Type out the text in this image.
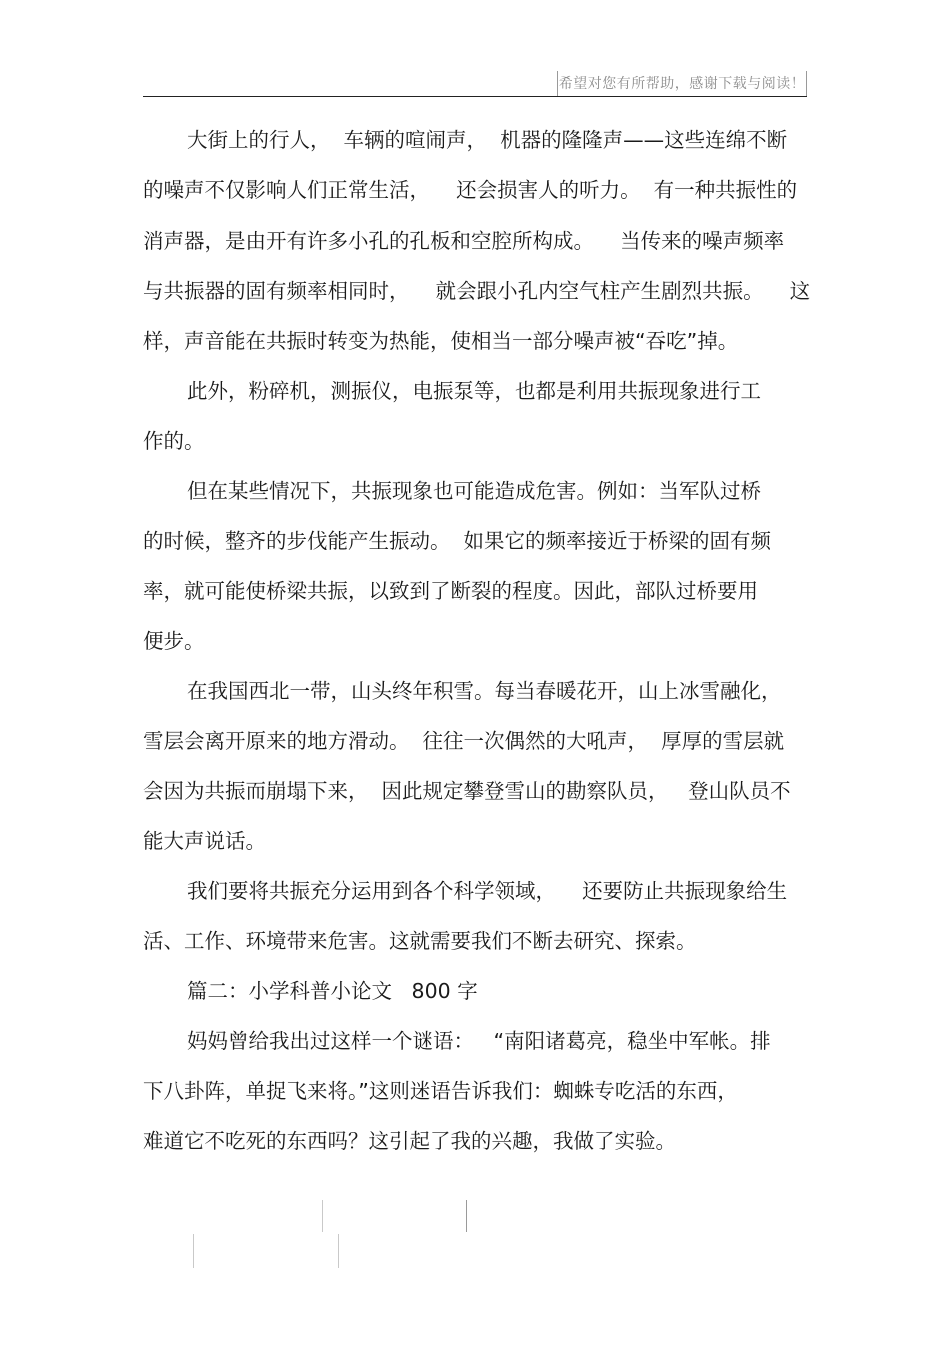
希望对您有所帮助，感谢下载与阅读！
大街上的行人，  车辆的喧闹声，  机器的隆隆声——这些连绵不断
的噪声不仅影响人们正常生活，    还会损害人的听力。  有一种共振性的
消声器，是由开有许多小孔的孔板和空腔所构成。    当传来的噪声频率
与共振器的固有频率相同时，    就会跟小孔内空气柱产生剧烈共振。    这
样，声音能在共振时转变为热能，使相当一部分噪声被“吞吃”掉。
此外，粉碎机，测振仪，电振泵等，也都是利用共振现象进行工
作的。
但在某些情况下，共振现象也可能造成危害。例如：当军队过桥
的时候，整齐的步伐能产生振动。  如果它的频率接近于桥梁的固有频
率，就可能使桥梁共振，以致到了断裂的程度。因此，部队过桥要用
便步。
在我国西北一带，山头终年积雪。每当春暖花开，山上冰雪融化，
雪层会离开原来的地方滑动。  往往一次偶然的大吼声，  厚厚的雪层就
会因为共振而崩塌下来，  因此规定攀登雪山的勘察队员，   登山队员不
能大声说话。
我们要将共振充分运用到各个科学领域，    还要防止共振现象给生
活、工作、环境带来危害。这就需要我们不断去研究、探索。
篇二：小学科普小论文   800 字
妈妈曾给我出过这样一个谜语：   “南阳诸葛亮，稳坐中军帐。排
下八卦阵，单捉飞来将。”这则迷语告诉我们：蜘蛛专吃活的东西，
难道它不吃死的东西吗？这引起了我的兴趣，我做了实验。
